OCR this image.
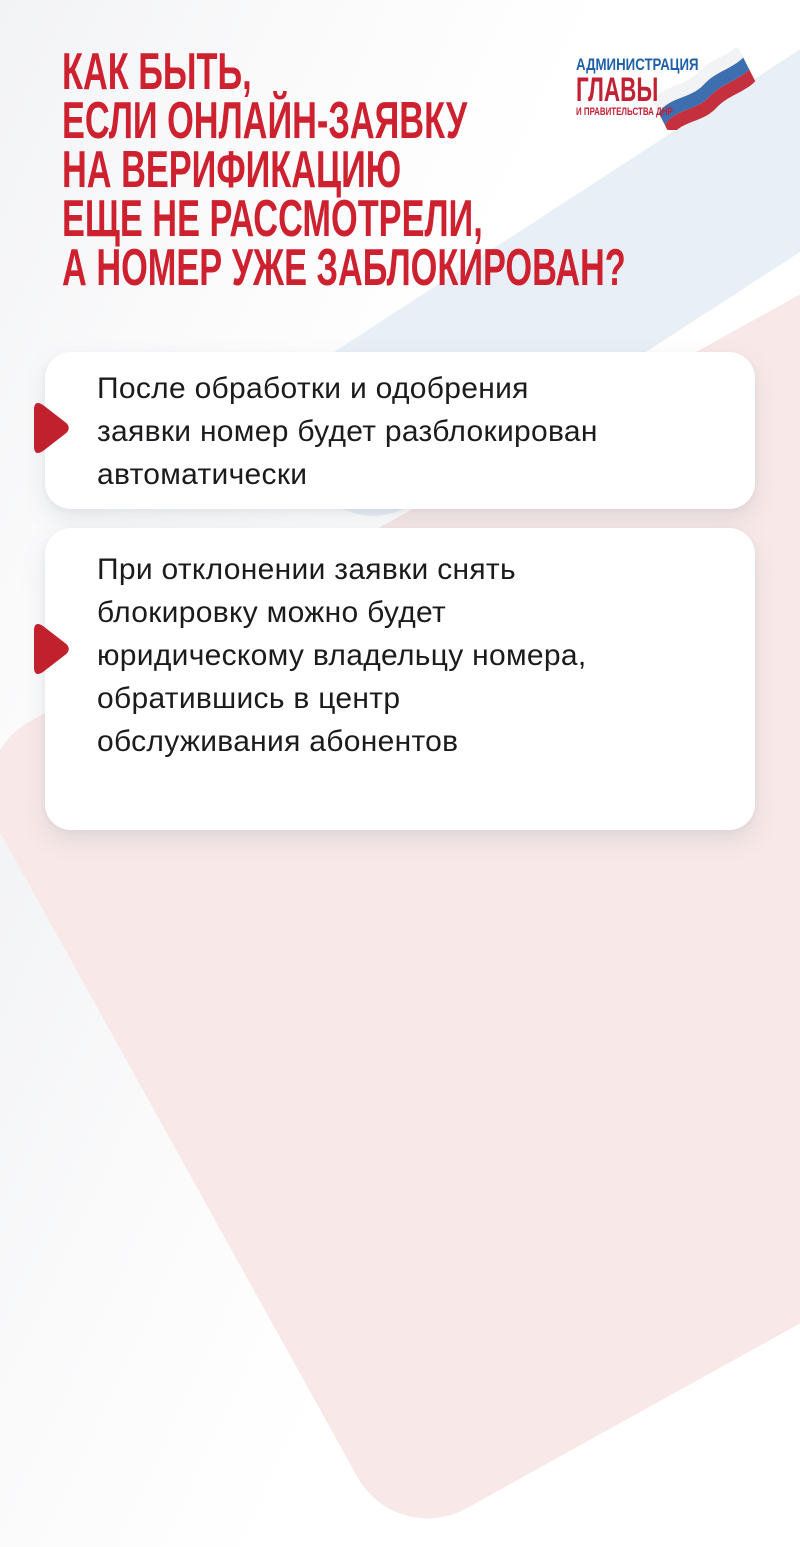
КАК БЫТЬ,
ЕСЛИ ОНЛАЙН-ЗАЯВКУ
НА ВЕРИФИКАЦИЮ
ЕЩЕ НЕ РАССМОТРЕЛИ,
А НОМЕР УЖЕ ЗАБЛОКИРОВАН?
АДМИНИСТРАЦИЯ
ГЛАВЫ
И ПРАВИТЕЛЬСТВА ДНР
После обработки и одобрения
заявки номер будет разблокирован
автоматически
При отклонении заявки снять
блокировку можно будет
юридическому владельцу номера,
обратившись в центр
обслуживания абонентов
